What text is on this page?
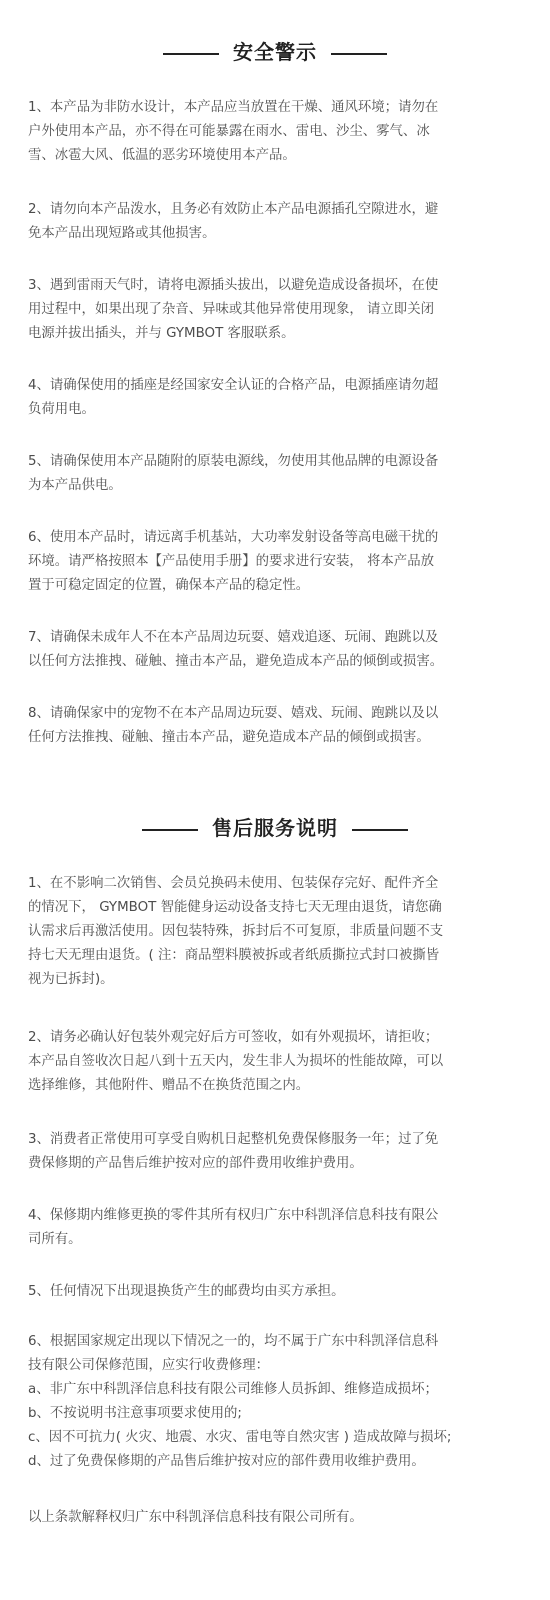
安全警示

1、本产品为非防水设计，本产品应当放置在干燥、通风环境；请勿在

户外使用本产品，亦不得在可能暴露在雨水、雷电、沙尘、雾气、冰

雪、冰雹大风、低温的恶劣环境使用本产品。

2、请勿向本产品泼水，且务必有效防止本产品电源插孔空隙进水，避

免本产品出现短路或其他损害。

3、遇到雷雨天气时，请将电源插头拔出，以避免造成设备损坏，在使

用过程中，如果出现了杂音、异味或其他异常使用现象， 请立即关闭

电源并拔出插头，并与 GYMBOT 客服联系。

4、请确保使用的插座是经国家安全认证的合格产品，电源插座请勿超

负荷用电。

5、请确保使用本产品随附的原装电源线，勿使用其他品牌的电源设备

为本产品供电。

6、使用本产品时，请远离手机基站，大功率发射设备等高电磁干扰的

环境。请严格按照本【产品使用手册】的要求进行安装， 将本产品放

置于可稳定固定的位置，确保本产品的稳定性。

7、请确保未成年人不在本产品周边玩耍、嬉戏追逐、玩闹、跑跳以及

以任何方法推拽、碰触、撞击本产品，避免造成本产品的倾倒或损害。

8、请确保家中的宠物不在本产品周边玩耍、嬉戏、玩闹、跑跳以及以

任何方法推拽、碰触、撞击本产品，避免造成本产品的倾倒或损害。

售后服务说明

1、在不影响二次销售、会员兑换码未使用、包装保存完好、配件齐全

的情况下， GYMBOT 智能健身运动设备支持七天无理由退货，请您确

认需求后再激活使用。因包装特殊，拆封后不可复原，非质量问题不支

持七天无理由退货。( 注：商品塑料膜被拆或者纸质撕拉式封口被撕皆

视为已拆封)。

2、请务必确认好包装外观完好后方可签收，如有外观损坏，请拒收；

本产品自签收次日起八到十五天内，发生非人为损坏的性能故障，可以

选择维修，其他附件、赠品不在换货范围之内。

3、消费者正常使用可享受自购机日起整机免费保修服务一年；过了免

费保修期的产品售后维护按对应的部件费用收维护费用。

4、保修期内维修更换的零件其所有权归广东中科凯泽信息科技有限公

司所有。

5、任何情况下出现退换货产生的邮费均由买方承担。

6、根据国家规定出现以下情况之一的，均不属于广东中科凯泽信息科

技有限公司保修范围，应实行收费修理：

a、非广东中科凯泽信息科技有限公司维修人员拆卸、维修造成损坏；

b、不按说明书注意事项要求使用的;

c、因不可抗力( 火灾、地震、水灾、雷电等自然灾害 ) 造成故障与损坏;

d、过了免费保修期的产品售后维护按对应的部件费用收维护费用。

以上条款解释权归广东中科凯泽信息科技有限公司所有。
